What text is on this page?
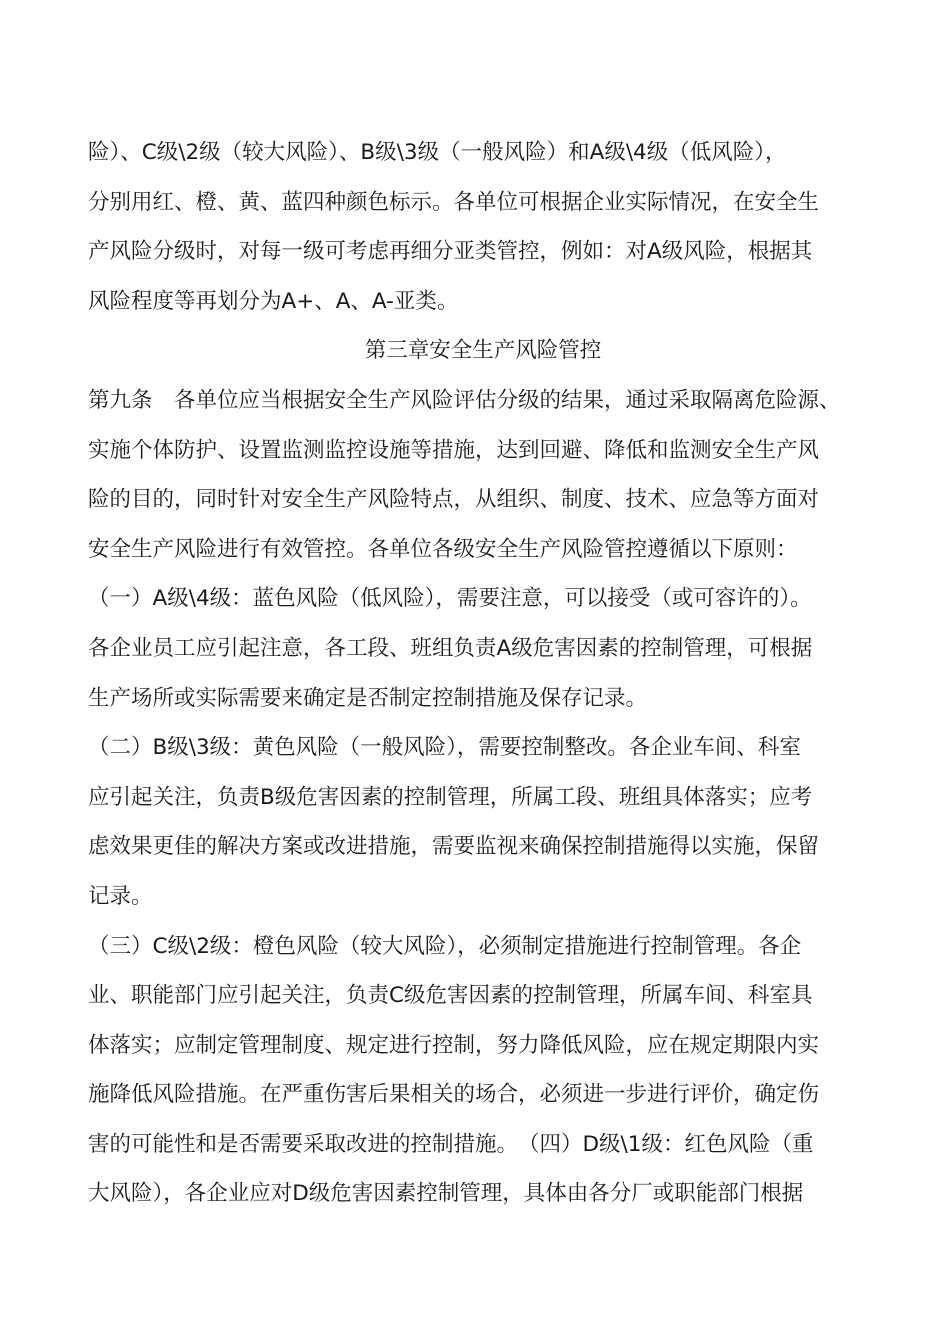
险）、C级\2级（较大风险）、B级\3级（一般风险）和A级\4级（低风险），
分别用红、橙、黄、蓝四种颜色标示。各单位可根据企业实际情况，在安全生
产风险分级时，对每一级可考虑再细分亚类管控，例如：对A级风险，根据其
风险程度等再划分为A+、A、A-亚类。
第三章安全生产风险管控
第九条　各单位应当根据安全生产风险评估分级的结果，通过采取隔离危险源、
实施个体防护、设置监测监控设施等措施，达到回避、降低和监测安全生产风
险的目的，同时针对安全生产风险特点，从组织、制度、技术、应急等方面对
安全生产风险进行有效管控。各单位各级安全生产风险管控遵循以下原则：
（一）A级\4级：蓝色风险（低风险），需要注意，可以接受（或可容许的）。
各企业员工应引起注意，各工段、班组负责A级危害因素的控制管理，可根据
生产场所或实际需要来确定是否制定控制措施及保存记录。
（二）B级\3级：黄色风险（一般风险），需要控制整改。各企业车间、科室
应引起关注，负责B级危害因素的控制管理，所属工段、班组具体落实；应考
虑效果更佳的解决方案或改进措施，需要监视来确保控制措施得以实施，保留
记录。
（三）C级\2级：橙色风险（较大风险），必须制定措施进行控制管理。各企
业、职能部门应引起关注，负责C级危害因素的控制管理，所属车间、科室具
体落实；应制定管理制度、规定进行控制，努力降低风险，应在规定期限内实
施降低风险措施。在严重伤害后果相关的场合，必须进一步进行评价，确定伤
害的可能性和是否需要采取改进的控制措施。　（四）D级\1级：红色风险（重
大风险），各企业应对D级危害因素控制管理，具体由各分厂或职能部门根据
